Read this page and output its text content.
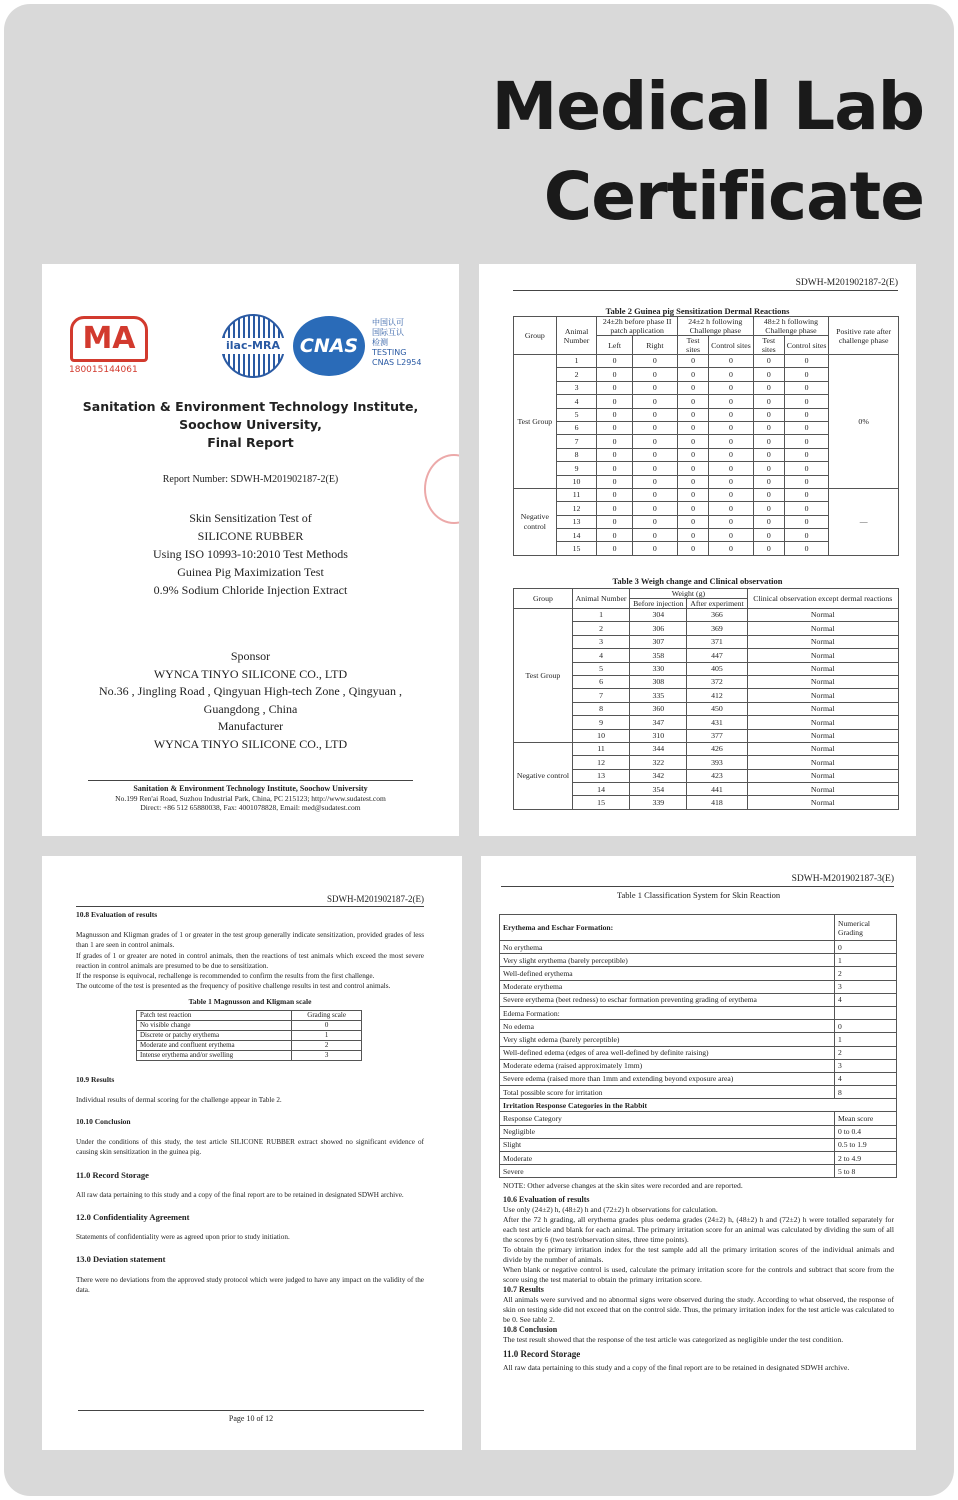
Medical Lab
Certificate
MA
180015144061
ilac-MRA	CNAS
中国认可
国际互认
检测
TESTING
CNAS L2954
Sanitation & Environment Technology Institute,
Soochow University,
Final Report
Report Number: SDWH-M201902187-2(E)
Skin Sensitization Test of
SILICONE RUBBER
Using ISO 10993-10:2010 Test Methods
Guinea Pig Maximization Test
0.9% Sodium Chloride Injection Extract
Sponsor
WYNCA TINYO SILICONE CO., LTD
No.36 , Jingling Road , Qingyuan High-tech Zone , Qingyuan ,
Guangdong , China
Manufacturer
WYNCA TINYO SILICONE CO., LTD
Sanitation & Environment Technology Institute, Soochow University
No.199 Ren'ai Road, Suzhou Industrial Park, China, PC 215123; http://www.sudatest.com
Direct: +86 512 65880038, Fax: 4001078828, Email: med@sudatest.com
SDWH-M201902187-2(E)
Table 2 Guinea pig Sensitization Dermal Reactions
Group	Animal Number	24±2h before phase II patch application		24±2 h following Challenge phase		48±2 h following Challenge phase		Positive rate after challenge phase
		Left	Right	Test sites	Control sites	Test sites	Control sites	
Test Group	1	0	0	0	0	0	0	0%
	2	0	0	0	0	0	0	
	3	0	0	0	0	0	0	
	4	0	0	0	0	0	0	
	5	0	0	0	0	0	0	
	6	0	0	0	0	0	0	
	7	0	0	0	0	0	0	
	8	0	0	0	0	0	0	
	9	0	0	0	0	0	0	
	10	0	0	0	0	0	0	
Negative control	11	0	0	0	0	0	0	—
	12	0	0	0	0	0	0	
	13	0	0	0	0	0	0	
	14	0	0	0	0	0	0	
	15	0	0	0	0	0	0	
Table 3 Weigh change and Clinical observation
Group	Animal Number	Weight (g)		Clinical observation except dermal reactions
		Before injection	After experiment	
Test Group	1	304	366	Normal
	2	306	369	Normal
	3	307	371	Normal
	4	358	447	Normal
	5	330	405	Normal
	6	308	372	Normal
	7	335	412	Normal
	8	360	450	Normal
	9	347	431	Normal
	10	310	377	Normal
Negative control	11	344	426	Normal
	12	322	393	Normal
	13	342	423	Normal
	14	354	441	Normal
	15	339	418	Normal
SDWH-M201902187-2(E)
10.8 Evaluation of results

Magnusson and Kligman grades of 1 or greater in the test group generally indicate sensitization, provided grades of less than 1 are seen in control animals.

If grades of 1 or greater are noted in control animals, then the reactions of test animals which exceed the most severe reaction in control animals are presumed to be due to sensitization.

If the response is equivocal, rechallenge is recommended to confirm the results from the first challenge.

The outcome of the test is presented as the frequency of positive challenge results in test and control animals.

Table 1 Magnusson and Kligman scale
Patch test reaction	Grading scale
No visible change	0
Discrete or patchy erythema	1
Moderate and confluent erythema	2
Intense erythema and/or swelling	3
10.9 Results

Individual results of dermal scoring for the challenge appear in Table 2.

10.10 Conclusion

Under the conditions of this study, the test article SILICONE RUBBER extract showed no significant evidence of causing skin sensitization in the guinea pig.

11.0 Record Storage

All raw data pertaining to this study and a copy of the final report are to be retained in designated SDWH archive.

12.0 Confidentiality Agreement

Statements of confidentiality were as agreed upon prior to study initiation.

13.0 Deviation statement

There were no deviations from the approved study protocol which were judged to have any impact on the validity of the data.

Page 10 of 12
SDWH-M201902187-3(E)
Table 1 Classification System for Skin Reaction
Erythema and Eschar Formation:	Numerical Grading
No erythema	0
Very slight erythema (barely perceptible)	1
Well-defined erythema	2
Moderate erythema	3
Severe erythema (beet redness) to eschar formation preventing grading of erythema	4
Edema Formation:	
No edema	0
Very slight edema (barely perceptible)	1
Well-defined edema (edges of area well-defined by definite raising)	2
Moderate edema (raised approximately 1mm)	3
Severe edema (raised more than 1mm and extending beyond exposure area)	4
Total possible score for irritation	8
Irritation Response Categories in the Rabbit	
Response Category	Mean score
Negligible	0 to 0.4
Slight	0.5 to 1.9
Moderate	2 to 4.9
Severe	5 to 8

NOTE: Other adverse changes at the skin sites were recorded and are reported.

10.6 Evaluation of results

Use only (24±2) h, (48±2) h and (72±2) h observations for calculation.

After the 72 h grading, all erythema grades plus oedema grades (24±2) h, (48±2) h and (72±2) h were totalled separately for each test article and blank for each animal. The primary irritation score for an animal was calculated by dividing the sum of all the scores by 6 (two test/observation sites, three time points).

To obtain the primary irritation index for the test sample add all the primary irritation scores of the individual animals and divide by the number of animals.

When blank or negative control is used, calculate the primary irritation score for the controls and subtract that score from the score using the test material to obtain the primary irritation score.

10.7 Results

All animals were survived and no abnormal signs were observed during the study. According to what observed, the response of skin on testing side did not exceed that on the control side. Thus, the primary irritation index for the test article was calculated to be 0. See table 2.

10.8 Conclusion

The test result showed that the response of the test article was categorized as negligible under the test condition.

11.0 Record Storage

All raw data pertaining to this study and a copy of the final report are to be retained in designated SDWH archive.
